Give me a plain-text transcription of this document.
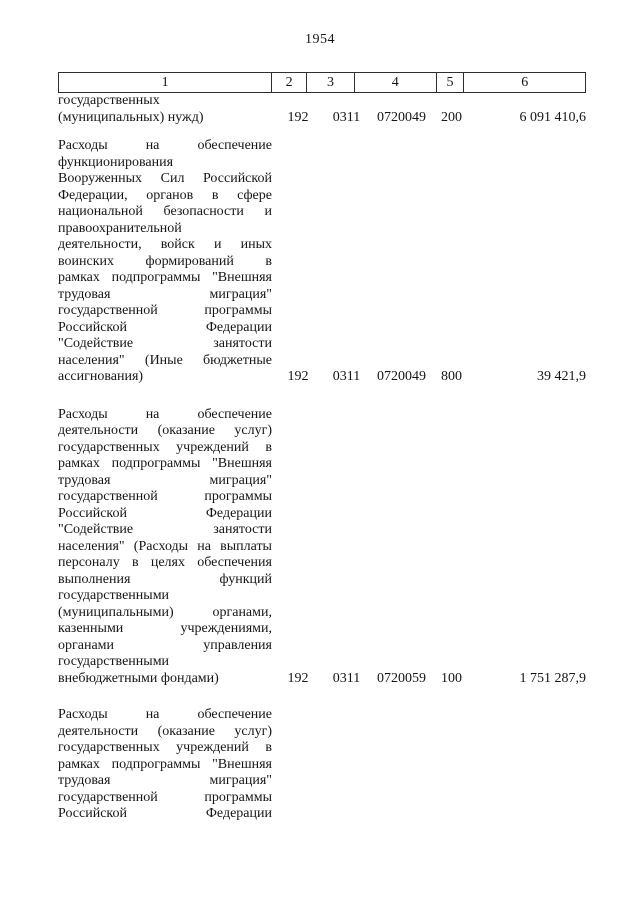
1954
1	2	3	4	5	6
государственных
(муниципальных) нужд)	192	0311	0720049	200	6 091 410,6

Расходы	на	обеспечение
функционирования
Вооруженных Сил Российской
Федерации, органов в сфере
национальной безопасности и
правоохранительной
деятельности, войск и иных
воинских формирований в
рамках подпрограммы "Внешняя
трудовая	миграция"
государственной	программы
Российской	Федерации
"Содействие	занятости
населения" (Иные бюджетные
ассигнования)	192	0311	0720049	800	39 421,9

Расходы	на	обеспечение
деятельности (оказание услуг)
государственных учреждений в
рамках подпрограммы "Внешняя
трудовая	миграция"
государственной	программы
Российской	Федерации
"Содействие	занятости
населения" (Расходы на выплаты
персоналу в целях обеспечения
выполнения	функций
государственными
(муниципальными)	органами,
казенными	учреждениями,
органами	управления
государственными
внебюджетными фондами)	192	0311	0720059	100	1 751 287,9

Расходы	на	обеспечение
деятельности (оказание услуг)
государственных учреждений в
рамках подпрограммы "Внешняя
трудовая	миграция"
государственной	программы
Российской	Федерации
